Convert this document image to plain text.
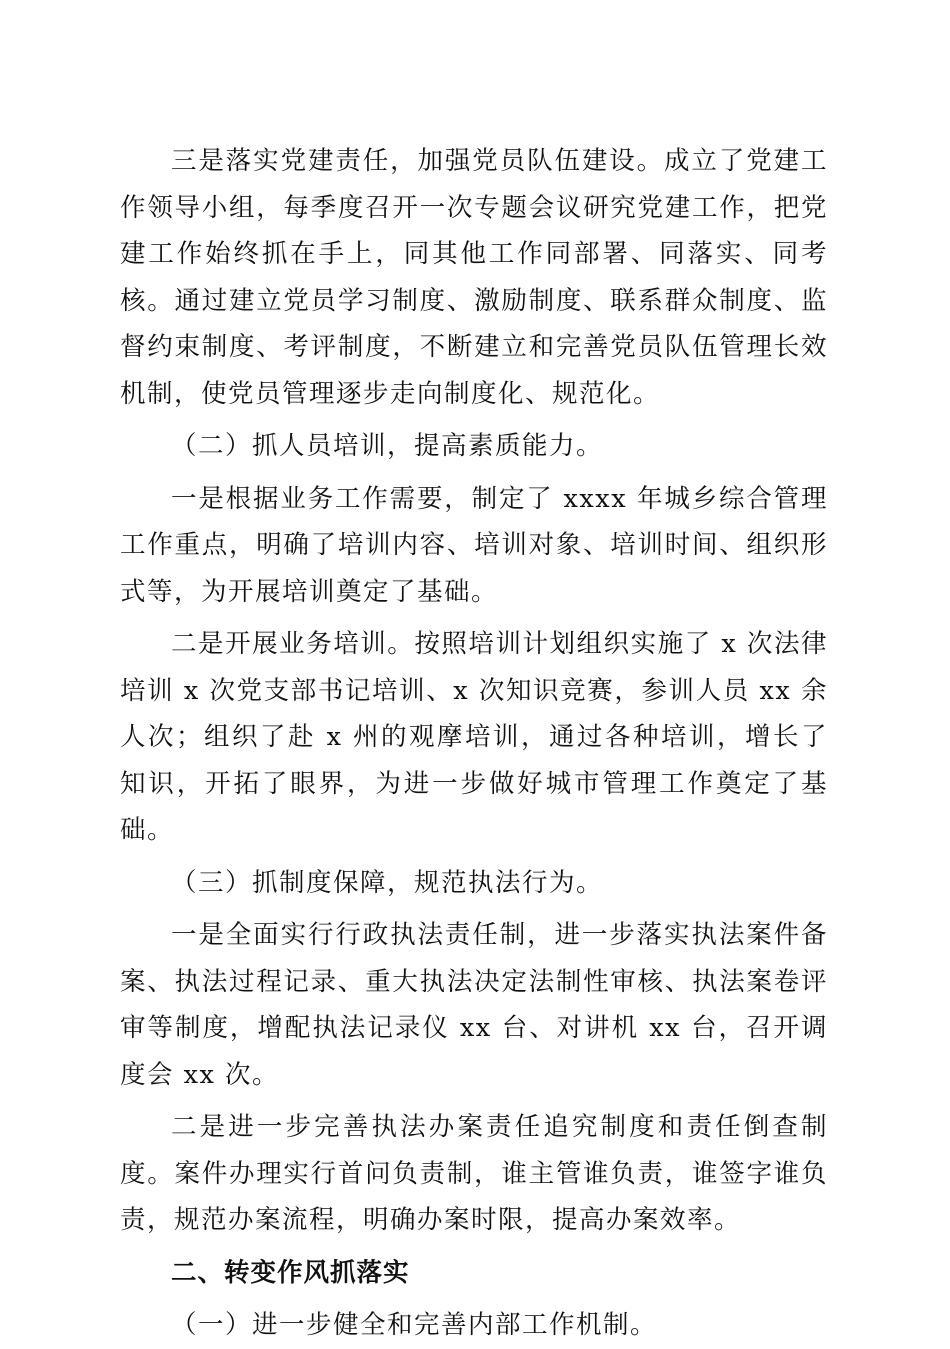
三是落实党建责任，加强党员队伍建设。成立了党建工作领导小组，每季度召开一次专题会议研究党建工作，把党建工作始终抓在手上，同其他工作同部署、同落实、同考核。通过建立党员学习制度、激励制度、联系群众制度、监督约束制度、考评制度，不断建立和完善党员队伍管理长效机制，使党员管理逐步走向制度化、规范化。

（二）抓人员培训，提高素质能力。

一是根据业务工作需要，制定了 xxxx 年城乡综合管理工作重点，明确了培训内容、培训对象、培训时间、组织形式等，为开展培训奠定了基础。

二是开展业务培训。按照培训计划组织实施了 x 次法律培训 x 次党支部书记培训、x 次知识竞赛，参训人员 xx 余人次；组织了赴 x 州的观摩培训，通过各种培训，增长了知识，开拓了眼界，为进一步做好城市管理工作奠定了基础。

（三）抓制度保障，规范执法行为。

一是全面实行行政执法责任制，进一步落实执法案件备案、执法过程记录、重大执法决定法制性审核、执法案卷评审等制度，增配执法记录仪 xx 台、对讲机 xx 台，召开调度会 xx 次。

二是进一步完善执法办案责任追究制度和责任倒查制度。案件办理实行首问负责制，谁主管谁负责，谁签字谁负责，规范办案流程，明确办案时限，提高办案效率。

二、转变作风抓落实

（一）进一步健全和完善内部工作机制。
